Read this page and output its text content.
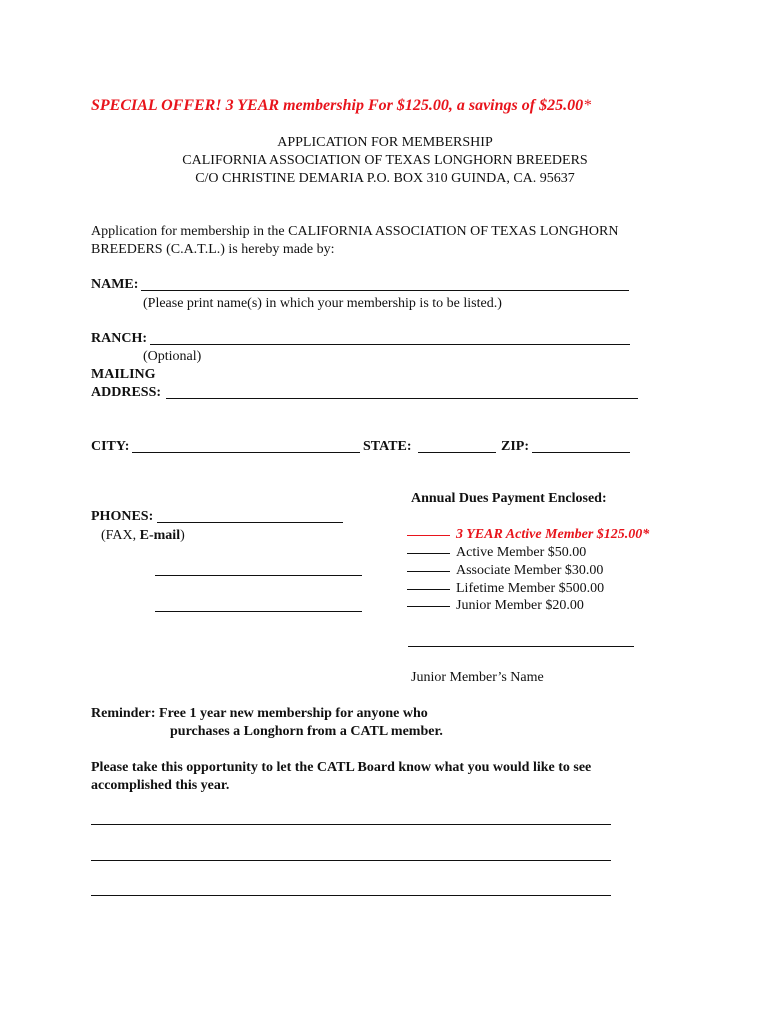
SPECIAL OFFER! 3 YEAR membership For $125.00, a savings of $25.00*
APPLICATION FOR MEMBERSHIP
CALIFORNIA ASSOCIATION OF TEXAS LONGHORN BREEDERS
C/O CHRISTINE DEMARIA P.O. BOX 310 GUINDA, CA. 95637
Application for membership in the CALIFORNIA ASSOCIATION OF TEXAS LONGHORN
BREEDERS (C.A.T.L.) is hereby made by:
NAME:
(Please print name(s) in which your membership is to be listed.)
RANCH:
(Optional)
MAILING
ADDRESS:
CITY:	STATE:	ZIP:
PHONES:
(FAX, E-mail)
Annual Dues Payment Enclosed:
3 YEAR Active Member $125.00*
Active Member $50.00
Associate Member $30.00
Lifetime Member $500.00
Junior Member $20.00
Junior Member’s Name
Reminder: Free 1 year new membership for anyone who
purchases a Longhorn from a CATL member.
Please take this opportunity to let the CATL Board know what you would like to see
accomplished this year.
